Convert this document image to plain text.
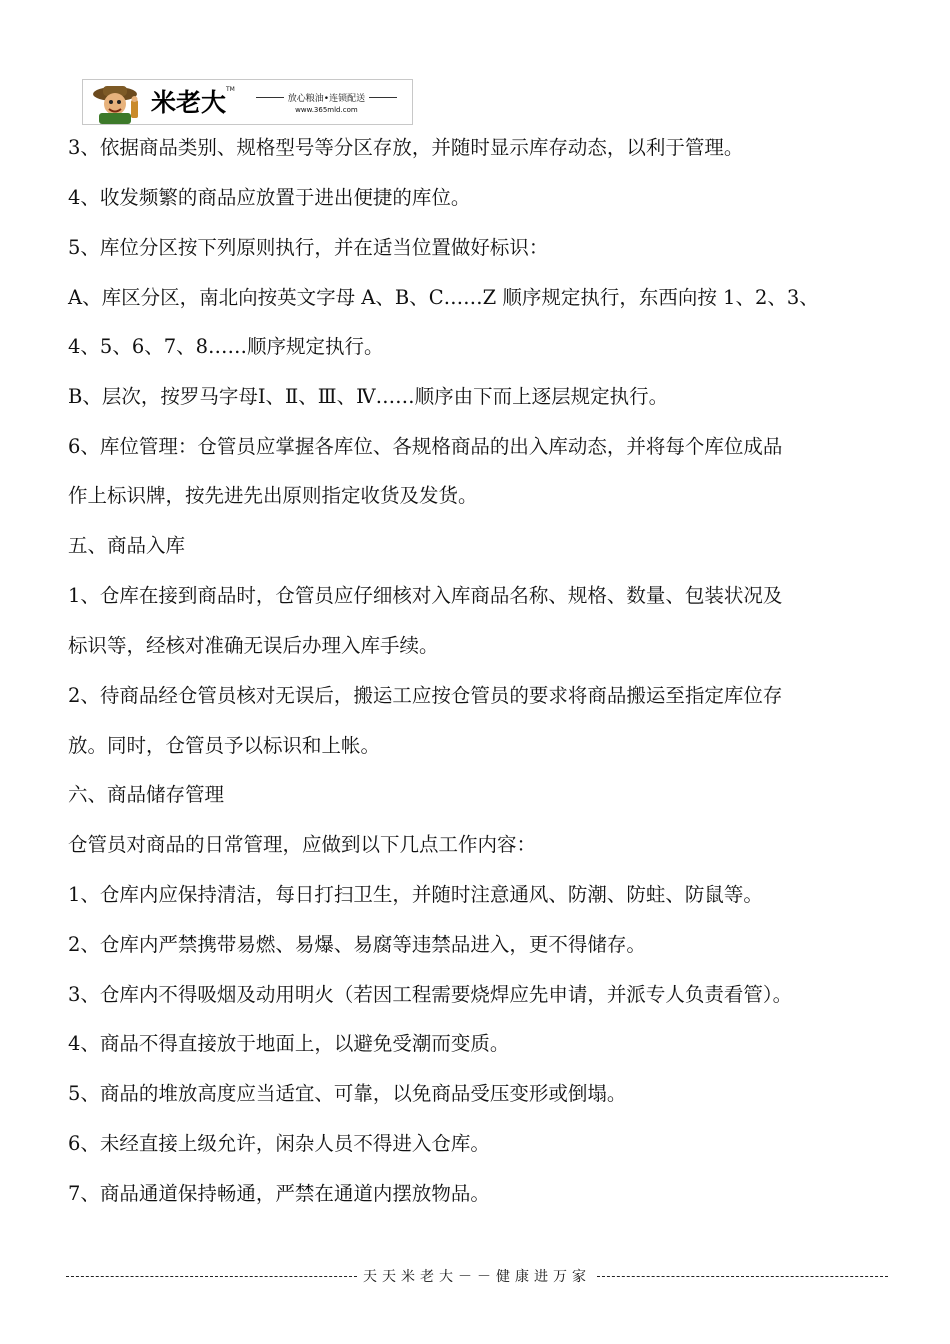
米老大 TM
放心粮油•连锁配送
www.365mld.com
3、依据商品类别、规格型号等分区存放，并随时显示库存动态，以利于管理。
4、收发频繁的商品应放置于进出便捷的库位。
5、库位分区按下列原则执行，并在适当位置做好标识：
A、库区分区，南北向按英文字母 A、B、C……Z 顺序规定执行，东西向按 1、2、3、
4、5、6、7、8……顺序规定执行。
B、层次，按罗马字母Ⅰ、Ⅱ、Ⅲ、Ⅳ……顺序由下而上逐层规定执行。
6、库位管理：仓管员应掌握各库位、各规格商品的出入库动态，并将每个库位成品
作上标识牌，按先进先出原则指定收货及发货。
五、商品入库
1、仓库在接到商品时，仓管员应仔细核对入库商品名称、规格、数量、包装状况及
标识等，经核对准确无误后办理入库手续。
2、待商品经仓管员核对无误后，搬运工应按仓管员的要求将商品搬运至指定库位存
放。同时，仓管员予以标识和上帐。
六、商品储存管理
仓管员对商品的日常管理，应做到以下几点工作内容：
1、仓库内应保持清洁，每日打扫卫生，并随时注意通风、防潮、防蛀、防鼠等。
2、仓库内严禁携带易燃、易爆、易腐等违禁品进入，更不得储存。
3、仓库内不得吸烟及动用明火（若因工程需要烧焊应先申请，并派专人负责看管）。
4、商品不得直接放于地面上，以避免受潮而变质。
5、商品的堆放高度应当适宜、可靠，以免商品受压变形或倒塌。
6、未经直接上级允许，闲杂人员不得进入仓库。
7、商品通道保持畅通，严禁在通道内摆放物品。
天天米老大－－健康进万家
